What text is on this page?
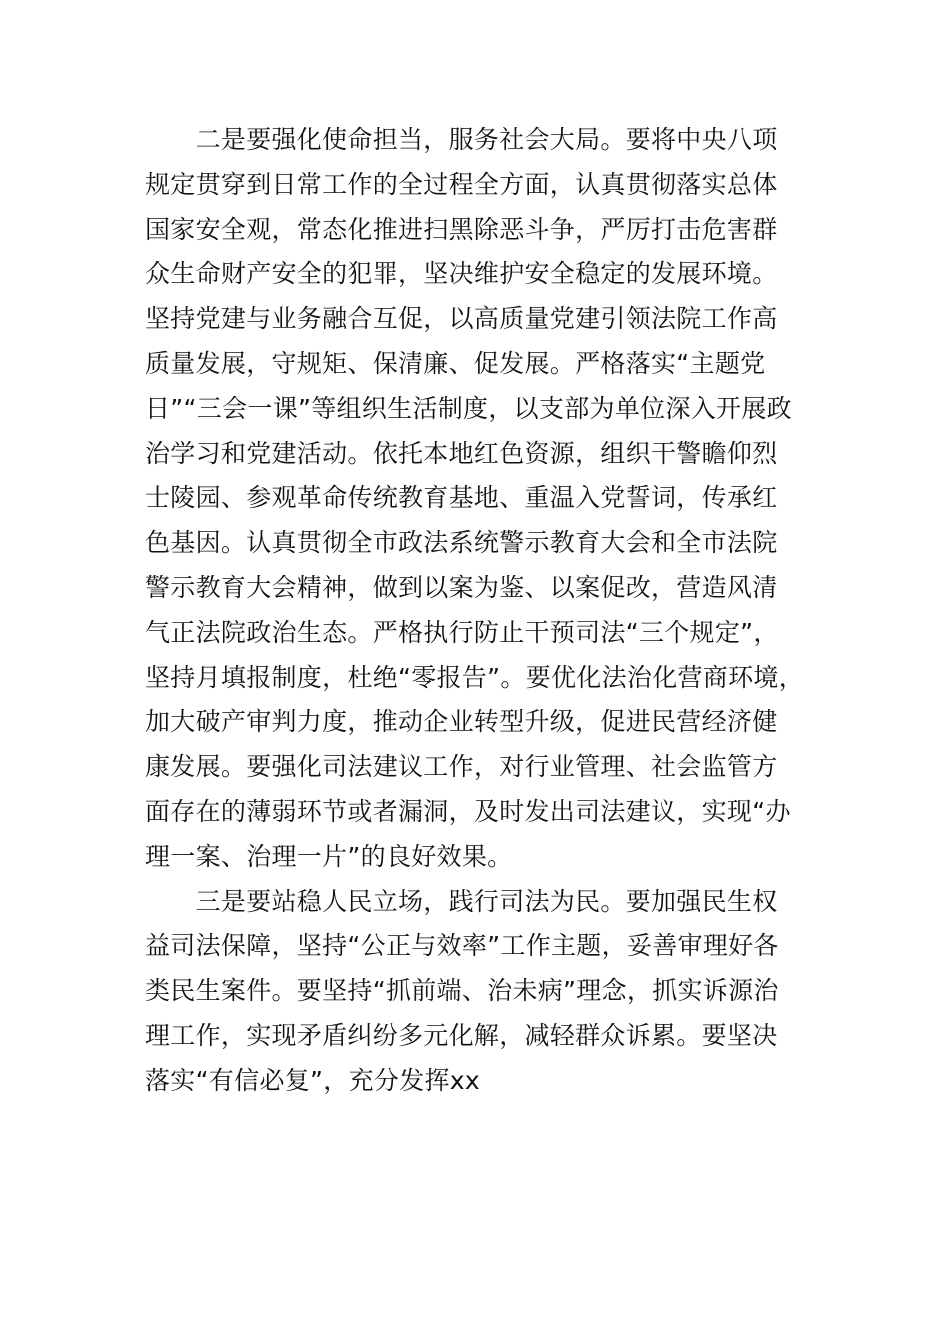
　　二是要强化使命担当，服务社会大局。要将中央八项
规定贯穿到日常工作的全过程全方面，认真贯彻落实总体
国家安全观，常态化推进扫黑除恶斗争，严厉打击危害群
众生命财产安全的犯罪，坚决维护安全稳定的发展环境。
坚持党建与业务融合互促，以高质量党建引领法院工作高
质量发展，守规矩、保清廉、促发展。严格落实“主题党
日”“三会一课”等组织生活制度，以支部为单位深入开展政
治学习和党建活动。依托本地红色资源，组织干警瞻仰烈
士陵园、参观革命传统教育基地、重温入党誓词，传承红
色基因。认真贯彻全市政法系统警示教育大会和全市法院
警示教育大会精神，做到以案为鉴、以案促改，营造风清
气正法院政治生态。严格执行防止干预司法“三个规定”，
坚持月填报制度，杜绝“零报告”。要优化法治化营商环境，
加大破产审判力度，推动企业转型升级，促进民营经济健
康发展。要强化司法建议工作，对行业管理、社会监管方
面存在的薄弱环节或者漏洞，及时发出司法建议，实现“办
理一案、治理一片”的良好效果。
　　三是要站稳人民立场，践行司法为民。要加强民生权
益司法保障，坚持“公正与效率”工作主题，妥善审理好各
类民生案件。要坚持“抓前端、治未病”理念，抓实诉源治
理工作，实现矛盾纠纷多元化解，减轻群众诉累。要坚决
落实“有信必复”，充分发挥xx
